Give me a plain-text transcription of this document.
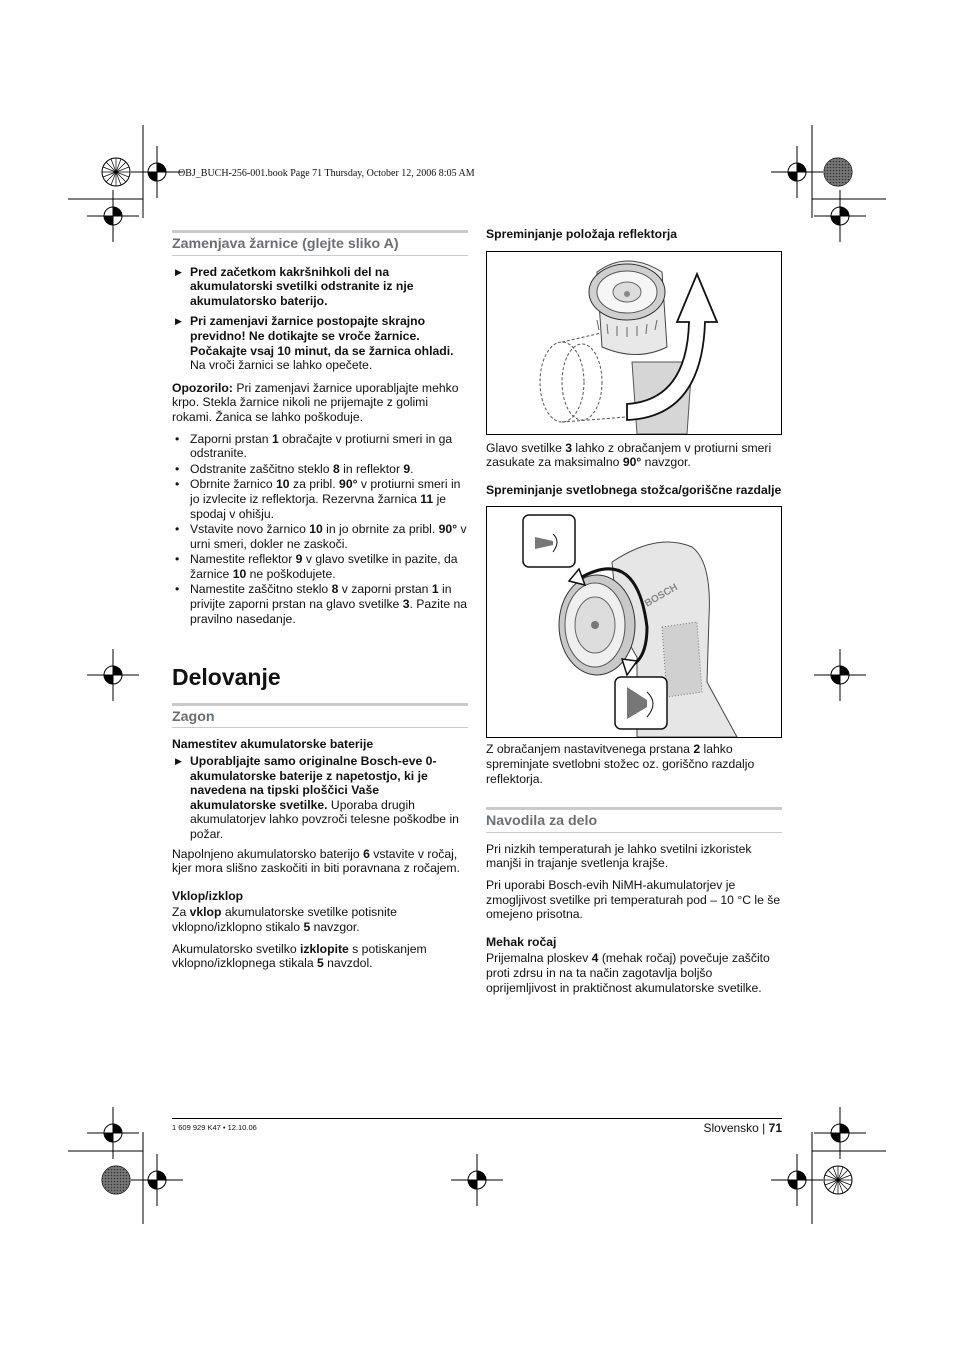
OBJ_BUCH-256-001.book Page 71 Thursday, October 12, 2006 8:05 AM
Zamenjava žarnice (glejte sliko A)
▶ Pred začetkom kakršnihkoli del na akumulatorski svetilki odstranite iz nje akumulatorsko baterijo.
▶ Pri zamenjavi žarnice postopajte skrajno previdno! Ne dotikajte se vroče žarnice. Počakajte vsaj 10 minut, da se žarnica ohladi. Na vroči žarnici se lahko opečete.

Opozorilo: Pri zamenjavi žarnice uporabljajte mehko krpo. Stekla žarnice nikoli ne prijemajte z golimi rokami. Žanica se lahko poškoduje.

• Zaporni prstan 1 obračajte v protiurni smeri in ga odstranite.
• Odstranite zaščitno steklo 8 in reflektor 9.
• Obrnite žarnico 10 za pribl. 90° v protiurni smeri in jo izvlecite iz reflektorja. Rezervna žarnica 11 je spodaj v ohišju.
• Vstavite novo žarnico 10 in jo obrnite za pribl. 90° v urni smeri, dokler ne zaskoči.
• Namestite reflektor 9 v glavo svetilke in pazite, da žarnice 10 ne poškodujete.
• Namestite zaščitno steklo 8 v zaporni prstan 1 in privijte zaporni prstan na glavo svetilke 3. Pazite na pravilno nasedanje.
Delovanje
Zagon
Namestitev akumulatorske baterije
▶ Uporabljajte samo originalne Bosch-eve 0-akumulatorske baterije z napetostjo, ki je navedena na tipski ploščici Vaše akumulatorske svetilke. Uporaba drugih akumulatorjev lahko povzroči telesne poškodbe in požar.

Napolnjeno akumulatorsko baterijo 6 vstavite v ročaj, kjer mora slišno zaskočiti in biti poravnana z ročajem.

Vklop/izklop

Za vklop akumulatorske svetilke potisnite vklopno/izklopno stikalo 5 navzgor.

Akumulatorsko svetilko izklopite s potiskanjem vklopno/izklopnega stikala 5 navzdol.

Spreminjanje položaja reflektorja

Glavo svetilke 3 lahko z obračanjem v protiurni smeri zasukate za maksimalno 90° navzgor.

Spreminjanje svetlobnega stožca/goriščne razdalje
BOSCH

Z obračanjem nastavitvenega prstana 2 lahko spreminjate svetlobni stožec oz. goriščno razdaljo reflektorja.

Navodila za delo

Pri nizkih temperaturah je lahko svetilni izkoristek manjši in trajanje svetlenja krajše.

Pri uporabi Bosch-evih NiMH-akumulatorjev je zmogljivost svetilke pri temperaturah pod – 10 °C le še omejeno prisotna.

Mehak ročaj

Prijemalna ploskev 4 (mehak ročaj) povečuje zaščito proti zdrsu in na ta način zagotavlja boljšo oprijemljivost in praktičnost akumulatorske svetilke.

1 609 929 K47 • 12.10.06	Slovensko | 71
